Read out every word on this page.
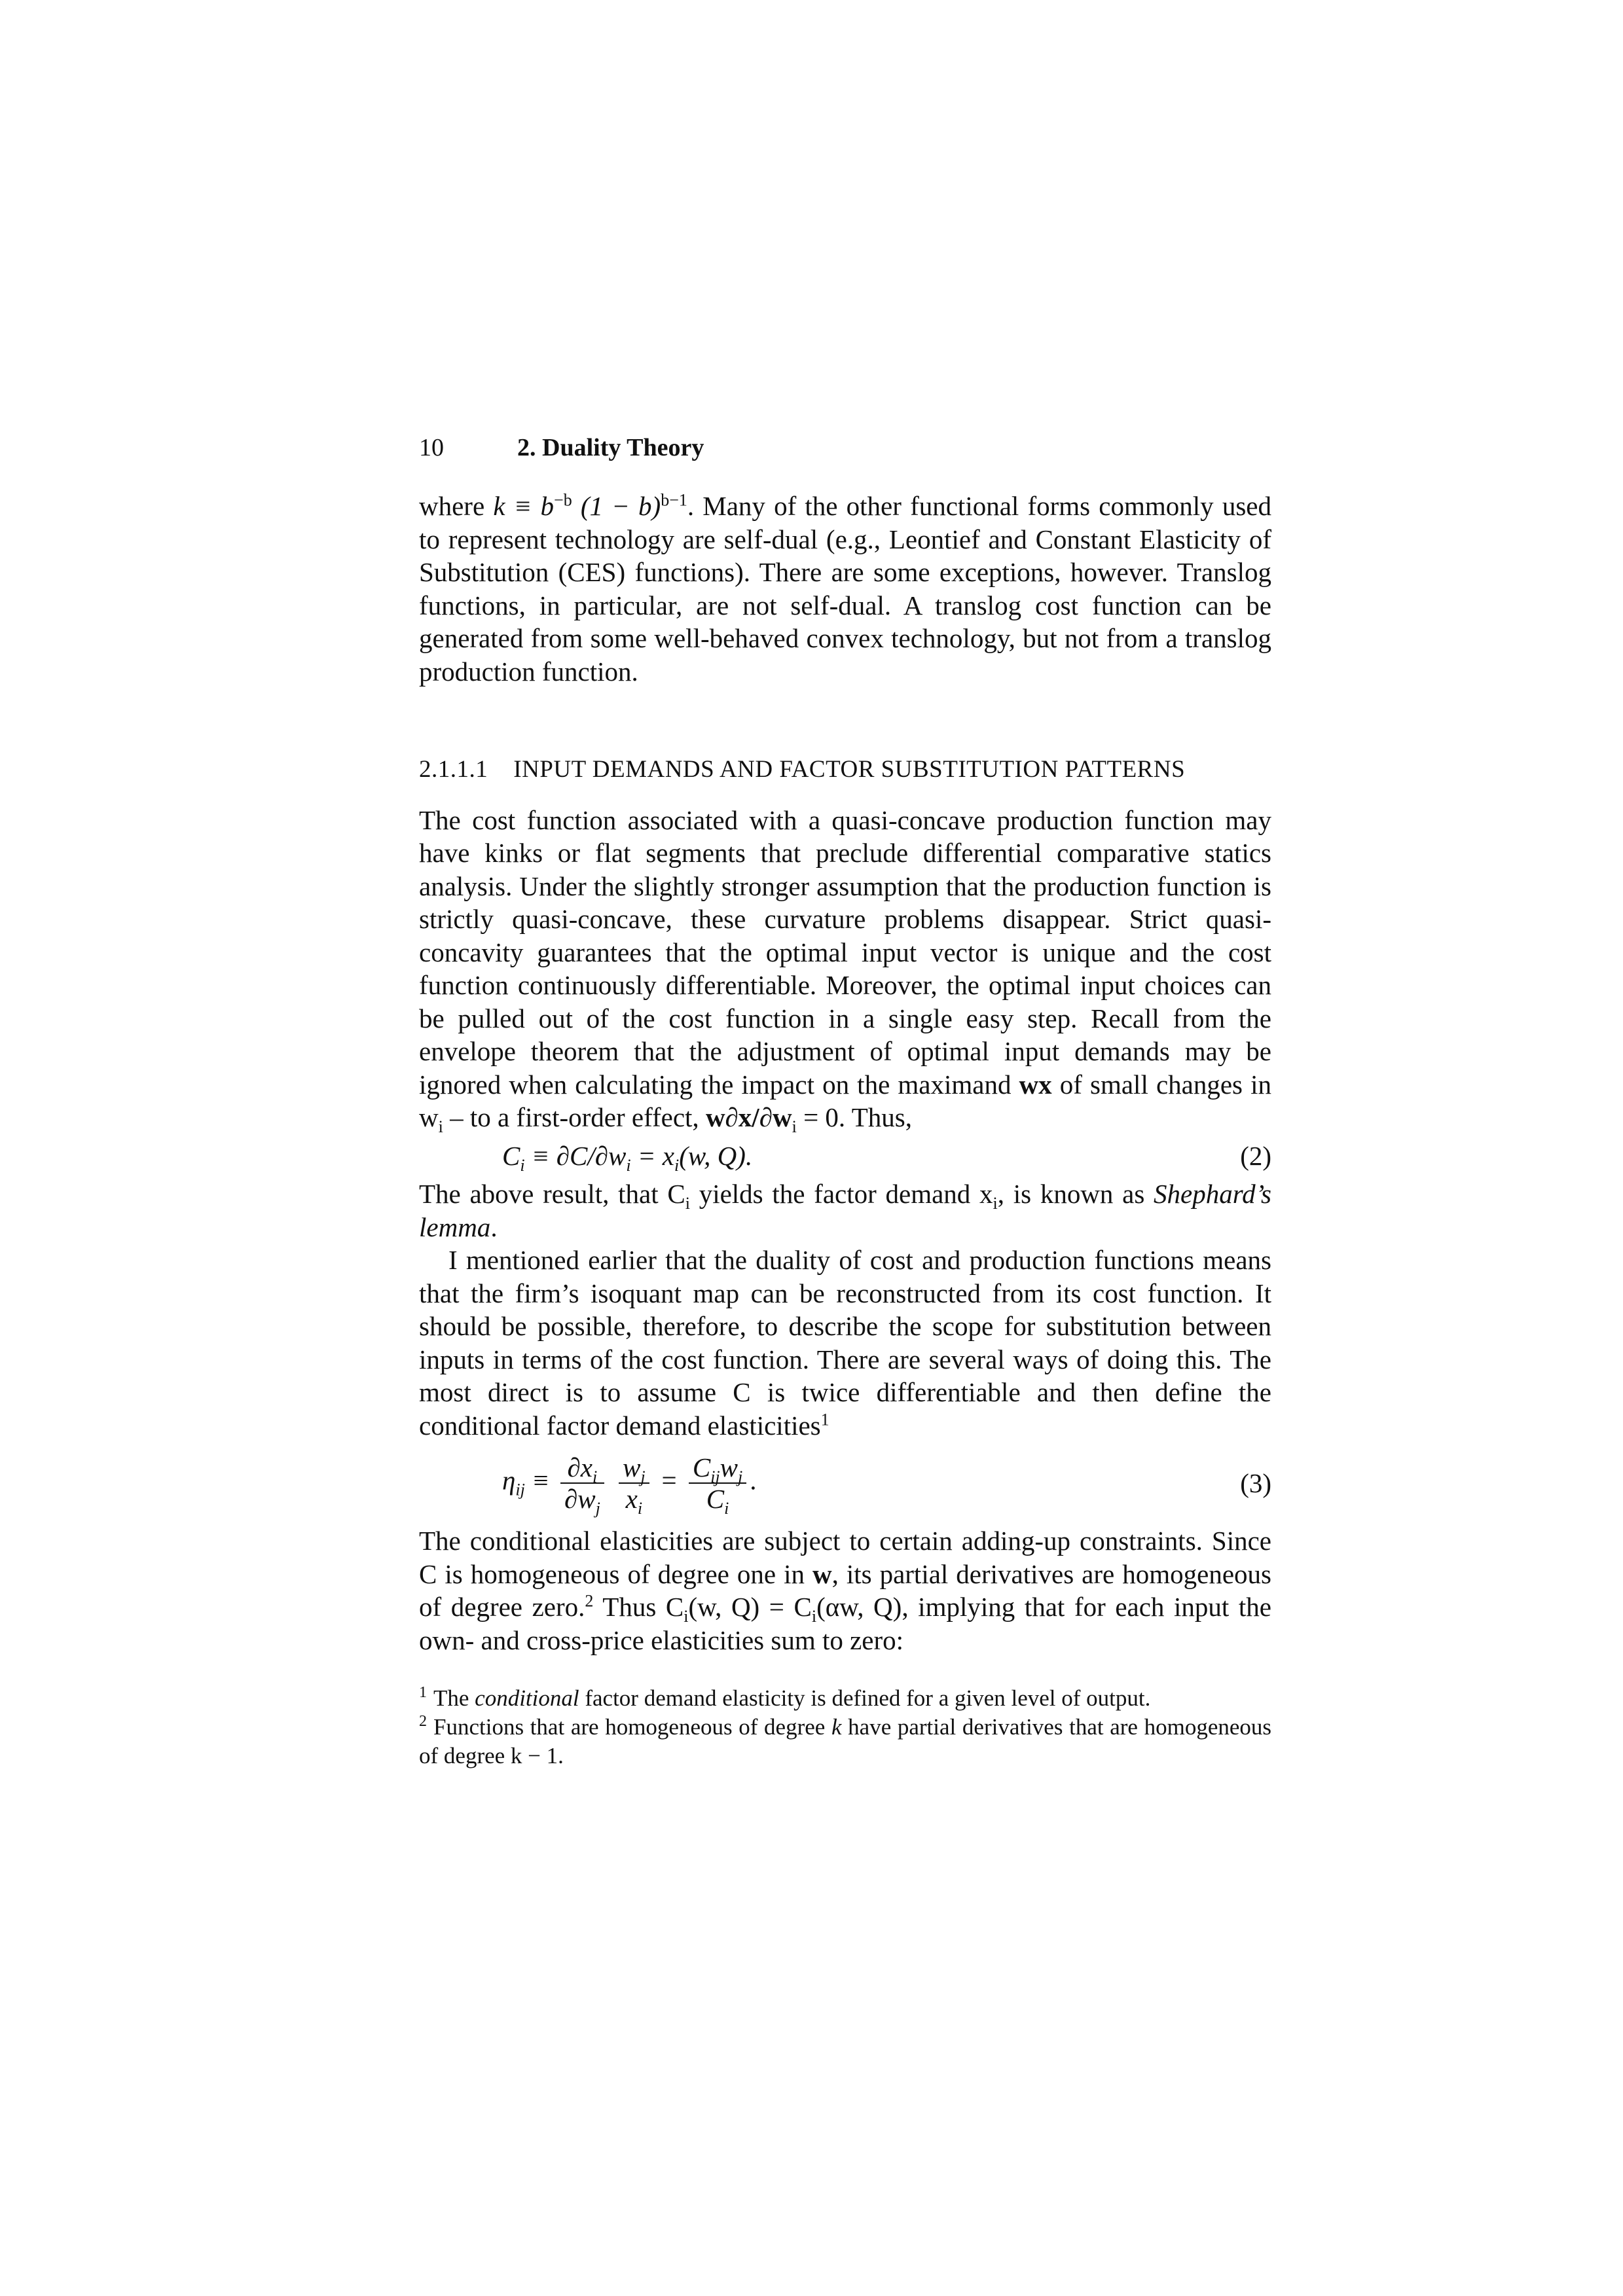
10	2. Duality Theory

where $k \equiv b^{-b}$ $(1 - b)^{b-1}$. Many of the other functional forms commonly used to represent technology are self-dual (e.g., Leontief and Constant Elasticity of Substitution (CES) functions). There are some exceptions, however. Translog functions, in particular, are not self-dual. A translog cost function can be generated from some well-behaved convex technology, but not from a translog production function.

2.1.1.1 INPUT DEMANDS AND FACTOR SUBSTITUTION PATTERNS

The cost function associated with a quasi-concave production function may have kinks or flat segments that preclude differential comparative statics analysis. Under the slightly stronger assumption that the production function is strictly quasi-concave, these curvature problems disappear. Strict quasi-concavity guarantees that the optimal input vector is unique and the cost function continuously differentiable. Moreover, the optimal input choices can be pulled out of the cost function in a single easy step. Recall from the envelope theorem that the adjustment of optimal input demands may be ignored when calculating the impact on the maximand wx of small changes in $w_i$ – to a first-order effect, $w\partial x/\partial w_i = 0$. Thus,

$C_i \equiv \partial C/\partial w_i = x_i(w$, Q).	(2)

The above result, that $C_i$ yields the factor demand $x_i$, is known as Shephard’s lemma.

I mentioned earlier that the duality of cost and production functions means that the firm’s isoquant map can be reconstructed from its cost function. It should be possible, therefore, to describe the scope for substitution between inputs in terms of the cost function. There are several ways of doing this. The most direct is to assume C is twice differentiable and then define the conditional factor demand elasticities$^1$

$\eta_{ij} \equiv \frac{\partial x_i}{\partial w_j}$
$\frac{w_j}{x_i} = \frac{C_{ij}w_j}{C_i}$ .	(3)

The conditional elasticities are subject to certain adding-up constraints. Since C is homogeneous of degree one in w, its partial derivatives are homogeneous of degree zero.$^2$ Thus $C_i(w$, $Q) = C_i(\alpha w$, Q), implying that for each input the own- and cross-price elasticities sum to zero:

$^1$ The conditional factor demand elasticity is defined for a given level of output.

$^2$ Functions that are homogeneous of degree k have partial derivatives that are homogeneous of degree k − 1.
